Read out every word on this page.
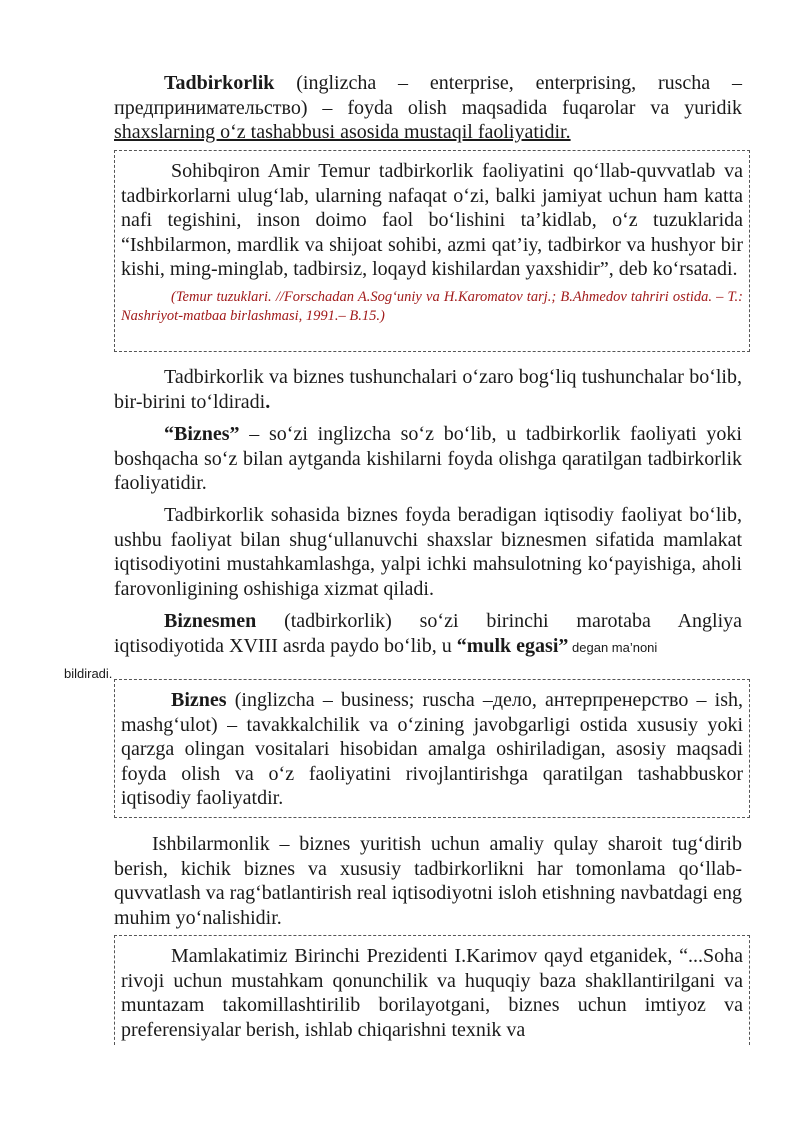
Tadbirkorlik (inglizcha – enterprise, enterprising, ruscha – предпринимательство) – foyda olish maqsadida fuqarolar va yuridik shaxslarning o‘z tashabbusi asosida mustaqil faoliyatidir.

Sohibqiron Amir Temur tadbirkorlik faoliyatini qo‘llab-quvvatlab va tadbirkorlarni ulug‘lab, ularning nafaqat o‘zi, balki jamiyat uchun ham katta nafi tegishini, inson doimo faol bo‘lishini ta’kidlab, o‘z tuzuklarida “Ishbilarmon, mardlik va shijoat sohibi, azmi qat’iy, tadbirkor va hushyor bir kishi, ming-minglab, tadbirsiz, loqayd kishilardan yaxshidir”, deb ko‘rsatadi.

(Temur tuzuklari. //Forschadan A.Sog‘uniy va H.Karomatov tarj.; B.Ahmedov tahriri ostida. – T.: Nashriyot-matbaa birlashmasi, 1991.– B.15.)

Tadbirkorlik va biznes tushunchalari o‘zaro bog‘liq tushunchalar bo‘lib, bir-birini to‘ldiradi.

“Biznes” – so‘zi inglizcha so‘z bo‘lib, u tadbirkorlik faoliyati yoki boshqacha so‘z bilan aytganda kishilarni foyda olishga qaratilgan tadbirkorlik faoliyatidir.

Tadbirkorlik sohasida biznes foyda beradigan iqtisodiy faoliyat bo‘lib, ushbu faoliyat bilan shug‘ullanuvchi shaxslar biznesmen sifatida mamlakat iqtisodiyotini mustahkamlashga, yalpi ichki mahsulotning ko‘payishiga, aholi farovonligining oshishiga xizmat qiladi.

Biznesmen (tadbirkorlik) so‘zi birinchi marotaba Angliya iqtisodiyotida XVIII asrda paydo bo‘lib, u “mulk egasi” degan ma’noni
bildiradi.

Biznes (inglizcha – business; ruscha –дело, антерпренерство – ish, mashg‘ulot) – tavakkalchilik va o‘zining javobgarligi ostida xususiy yoki qarzga olingan vositalari hisobidan amalga oshiriladigan, asosiy maqsadi foyda olish va o‘z faoliyatini rivojlantirishga qaratilgan tashabbuskor iqtisodiy faoliyatdir.

Ishbilarmonlik – biznes yuritish uchun amaliy qulay sharoit tug‘dirib berish, kichik biznes va xususiy tadbirkorlikni har tomonlama qo‘llab-quvvatlash va rag‘batlantirish real iqtisodiyotni isloh etishning navbatdagi eng muhim yo‘nalishidir.

Mamlakatimiz Birinchi Prezidenti I.Karimov qayd etganidek, “...Soha rivoji uchun mustahkam qonunchilik va huquqiy baza shakllantirilgani va muntazam takomillashtirilib borilayotgani, biznes uchun imtiyoz va preferensiyalar berish, ishlab chiqarishni texnik va
